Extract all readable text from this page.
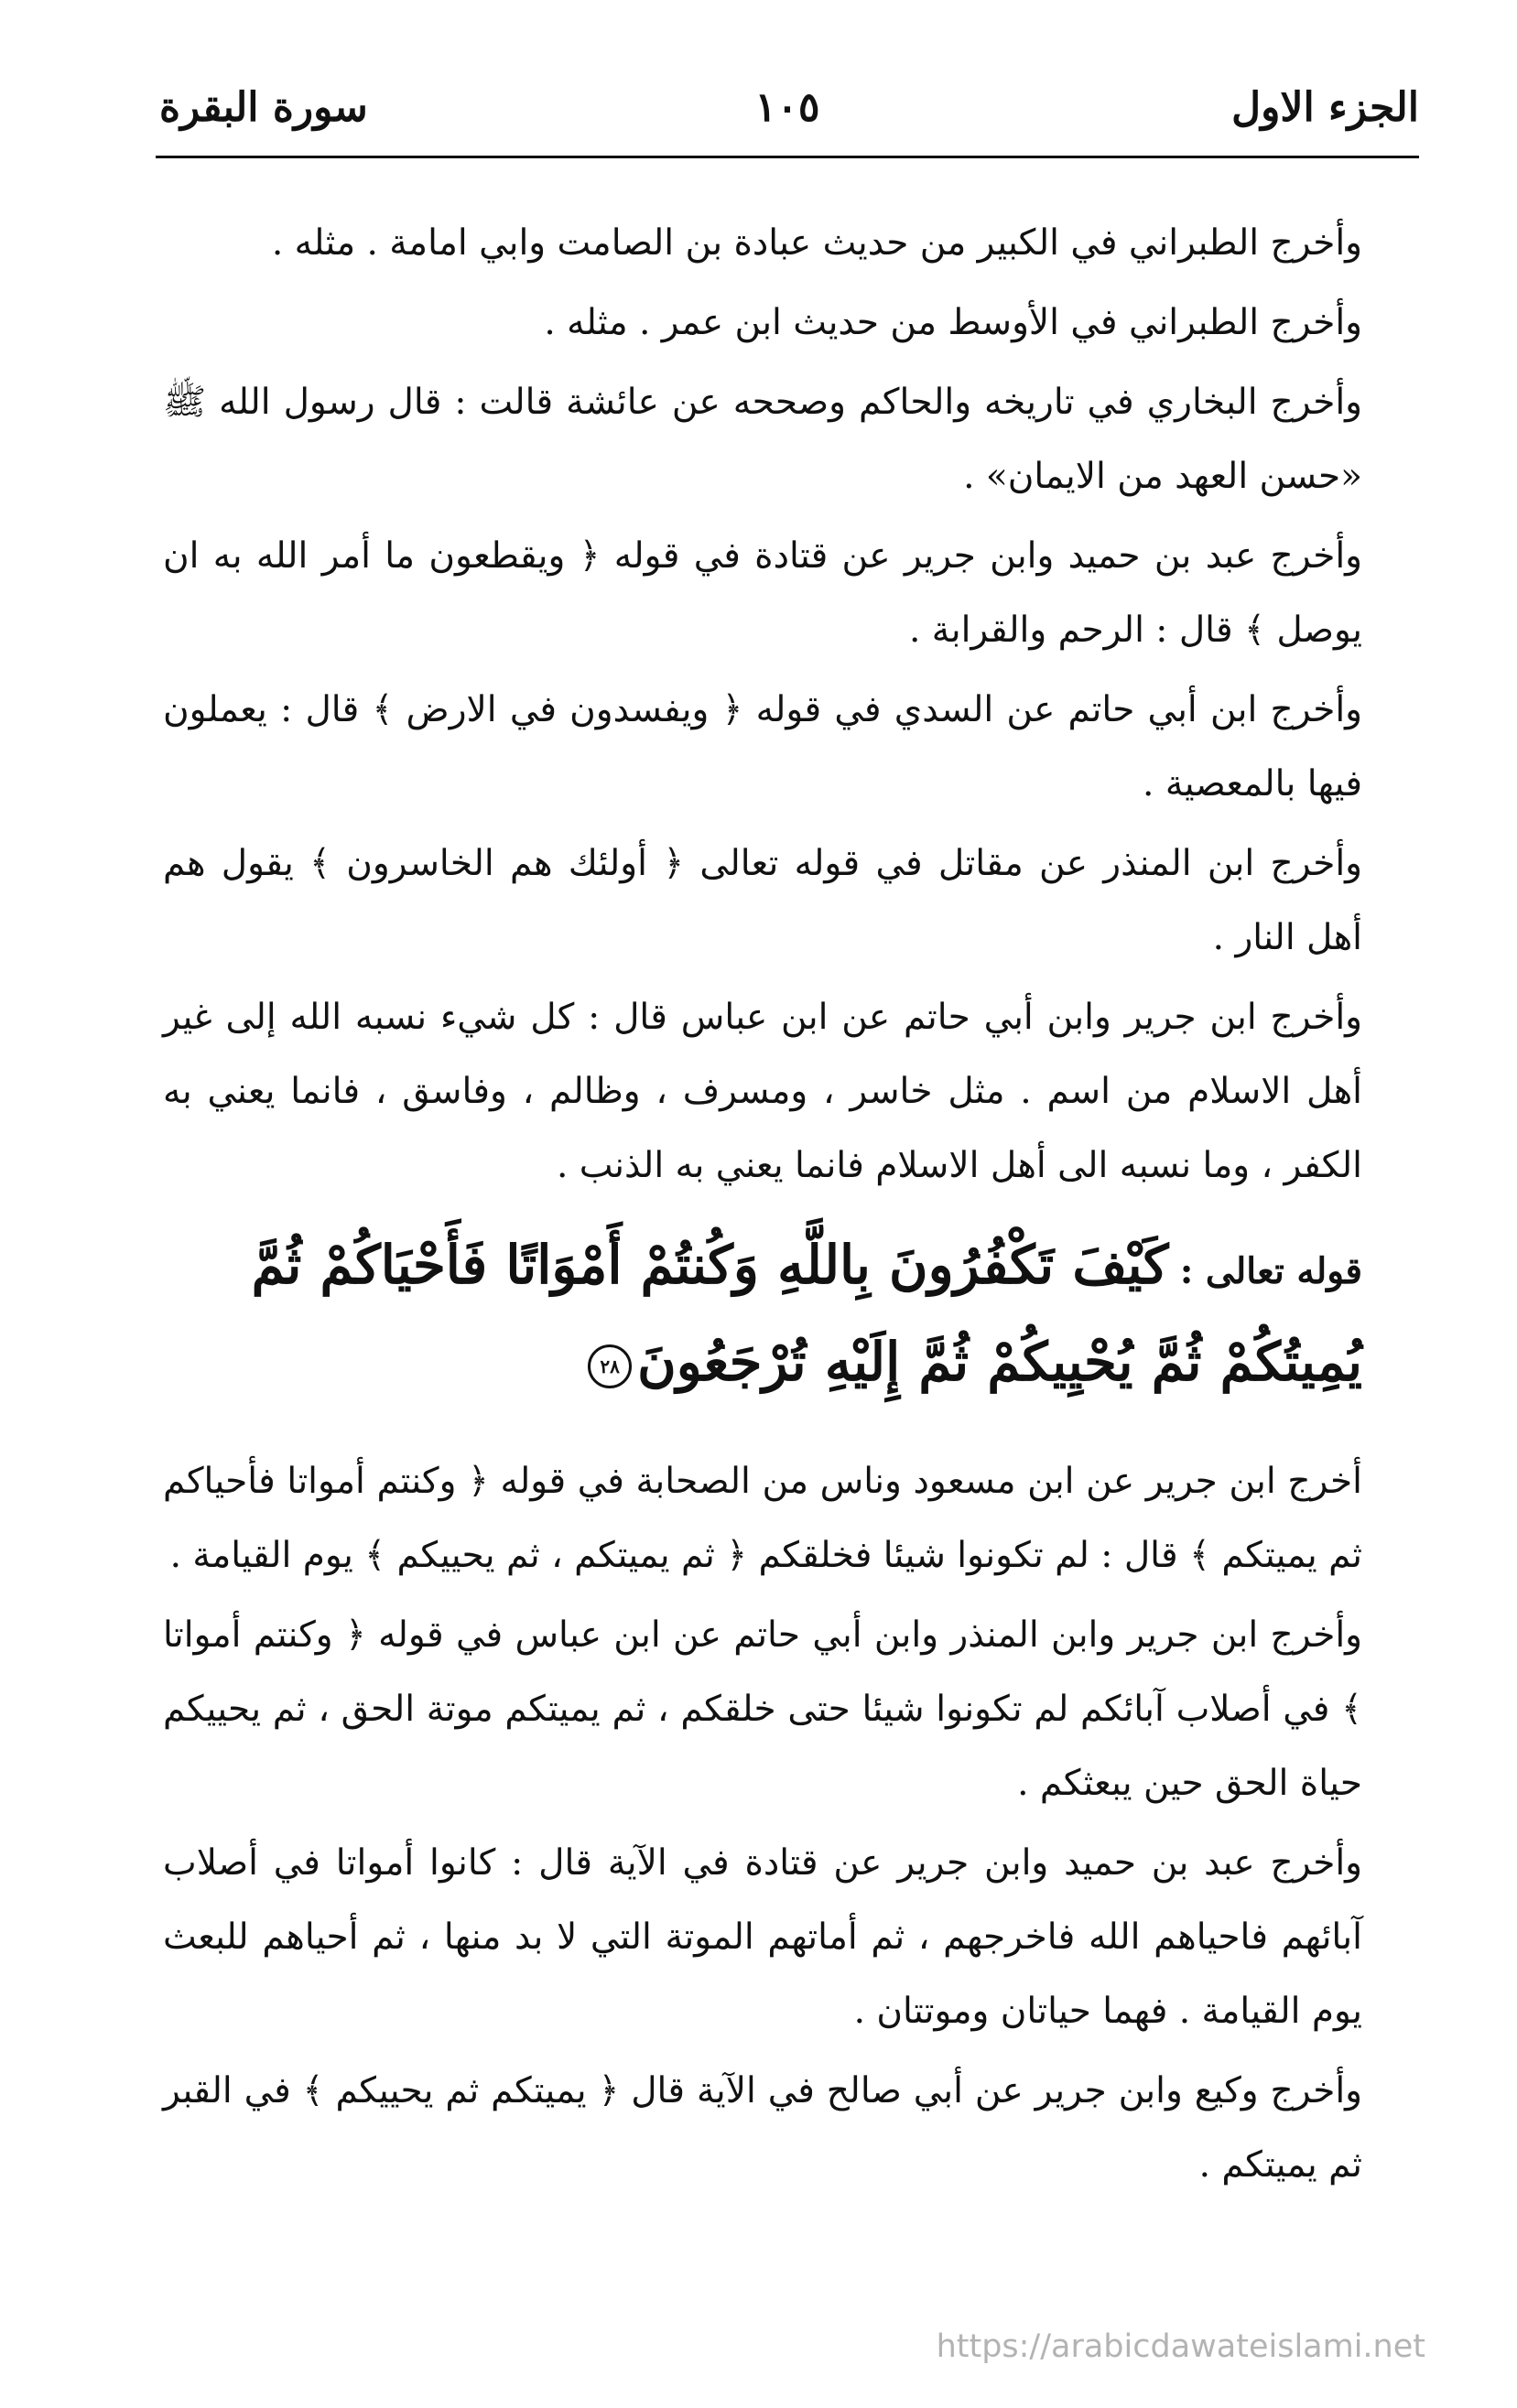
الجزء الاول
١٠٥
سورة البقرة

وأخرج الطبراني في الكبير من حديث عبادة بن الصامت وابي امامة . مثله .

وأخرج الطبراني في الأوسط من حديث ابن عمر . مثله .

وأخرج البخاري في تاريخه والحاكم وصححه عن عائشة قالت : قال رسول الله ﷺ «حسن العهد من الايمان» .

وأخرج عبد بن حميد وابن جرير عن قتادة في قوله ﴿ ويقطعون ما أمر الله به ان يوصل ﴾ قال : الرحم والقرابة .

وأخرج ابن أبي حاتم عن السدي في قوله ﴿ ويفسدون في الارض ﴾ قال : يعملون فيها بالمعصية .

وأخرج ابن المنذر عن مقاتل في قوله تعالى ﴿ أولئك هم الخاسرون ﴾ يقول هم أهل النار .

وأخرج ابن جرير وابن أبي حاتم عن ابن عباس قال : كل شيء نسبه الله إلى غير أهل الاسلام من اسم . مثل خاسر ، ومسرف ، وظالم ، وفاسق ، فانما يعني به الكفر ، وما نسبه الى أهل الاسلام فانما يعني به الذنب .

قوله تعالى : كَيْفَ تَكْفُرُونَ بِاللَّهِ وَكُنتُمْ أَمْوَاتًا فَأَحْيَاكُمْ ثُمَّ
يُمِيتُكُمْ ثُمَّ يُحْيِيكُمْ ثُمَّ إِلَيْهِ تُرْجَعُونَ٢٨

أخرج ابن جرير عن ابن مسعود وناس من الصحابة في قوله ﴿ وكنتم أمواتا فأحياكم ثم يميتكم ﴾ قال : لم تكونوا شيئا فخلقكم ﴿ ثم يميتكم ، ثم يحييكم ﴾ يوم القيامة .

وأخرج ابن جرير وابن المنذر وابن أبي حاتم عن ابن عباس في قوله ﴿ وكنتم أمواتا ﴾ في أصلاب آبائكم لم تكونوا شيئا حتى خلقكم ، ثم يميتكم موتة الحق ، ثم يحييكم حياة الحق حين يبعثكم .

وأخرج عبد بن حميد وابن جرير عن قتادة في الآية قال : كانوا أمواتا في أصلاب آبائهم فاحياهم الله فاخرجهم ، ثم أماتهم الموتة التي لا بد منها ، ثم أحياهم للبعث يوم القيامة . فهما حياتان وموتتان .

وأخرج وكيع وابن جرير عن أبي صالح في الآية قال ﴿ يميتكم ثم يحييكم ﴾ في القبر ثم يميتكم .

https://arabicdawateislami.net
